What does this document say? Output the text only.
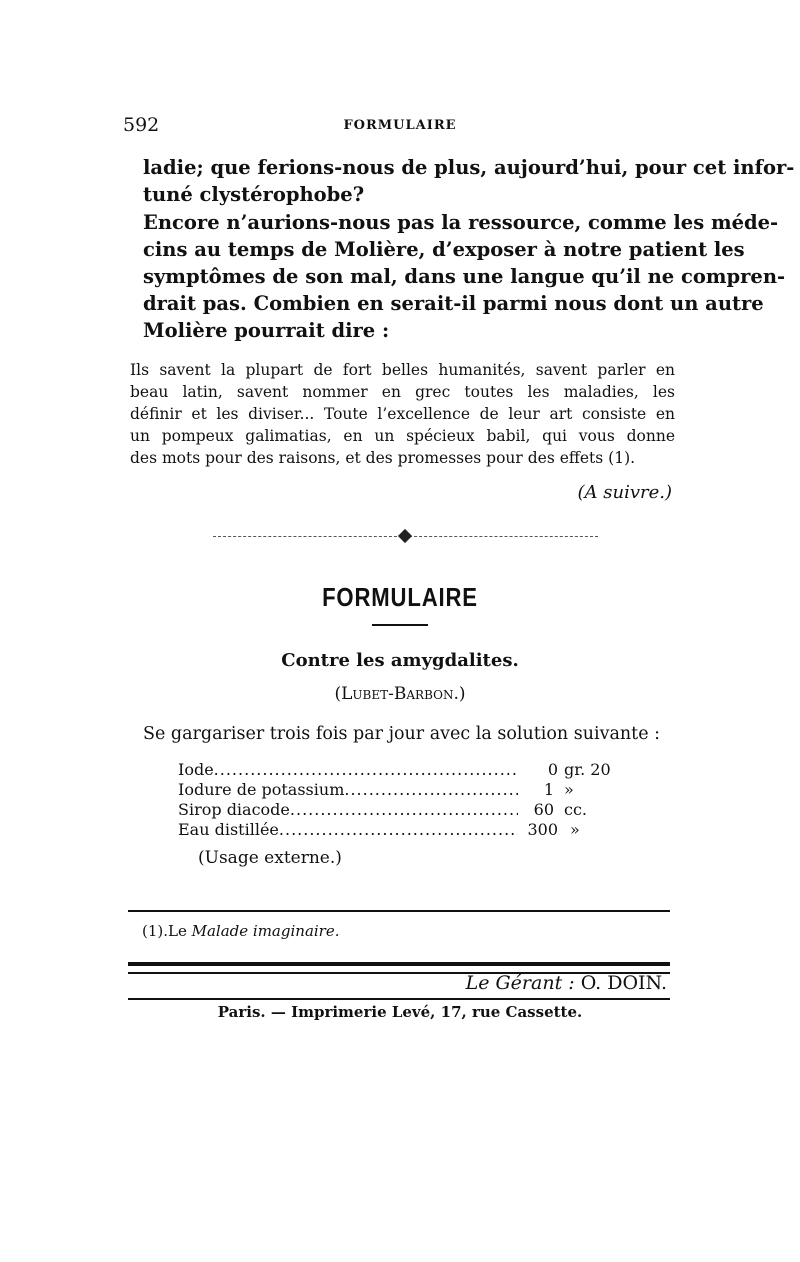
592	FORMULAIRE
ladie; que ferions-nous de plus, aujourd’hui, pour cet infor-
tuné clystérophobe?
Encore n’aurions-nous pas la ressource, comme les méde-
cins au temps de Molière, d’exposer à notre patient les
symptômes de son mal, dans une langue qu’il ne compren-
drait pas. Combien en serait-il parmi nous dont un autre
Molière pourrait dire :
Ils savent la plupart de fort belles humanités, savent parler en
beau latin, savent nommer en grec toutes les maladies, les
définir et les diviser... Toute l’excellence de leur art consiste en
un pompeux galimatias, en un spécieux babil, qui vous donne
des mots pour des raisons, et des promesses pour des effets (1).
(A suivre.)
FORMULAIRE
Contre les amygdalites.
(Lubet-Barbon.)
Se gargariser trois fois par jour avec la solution suivante :
Iode .....	0 gr. 20
Iodure de potassium .....	1 »
Sirop diacode .....	60 cc.
Eau distillée .....	300 »
(Usage externe.)
(1).Le Malade imaginaire.
Le Gérant : O. DOIN.
Paris. — Imprimerie Levé, 17, rue Cassette.
